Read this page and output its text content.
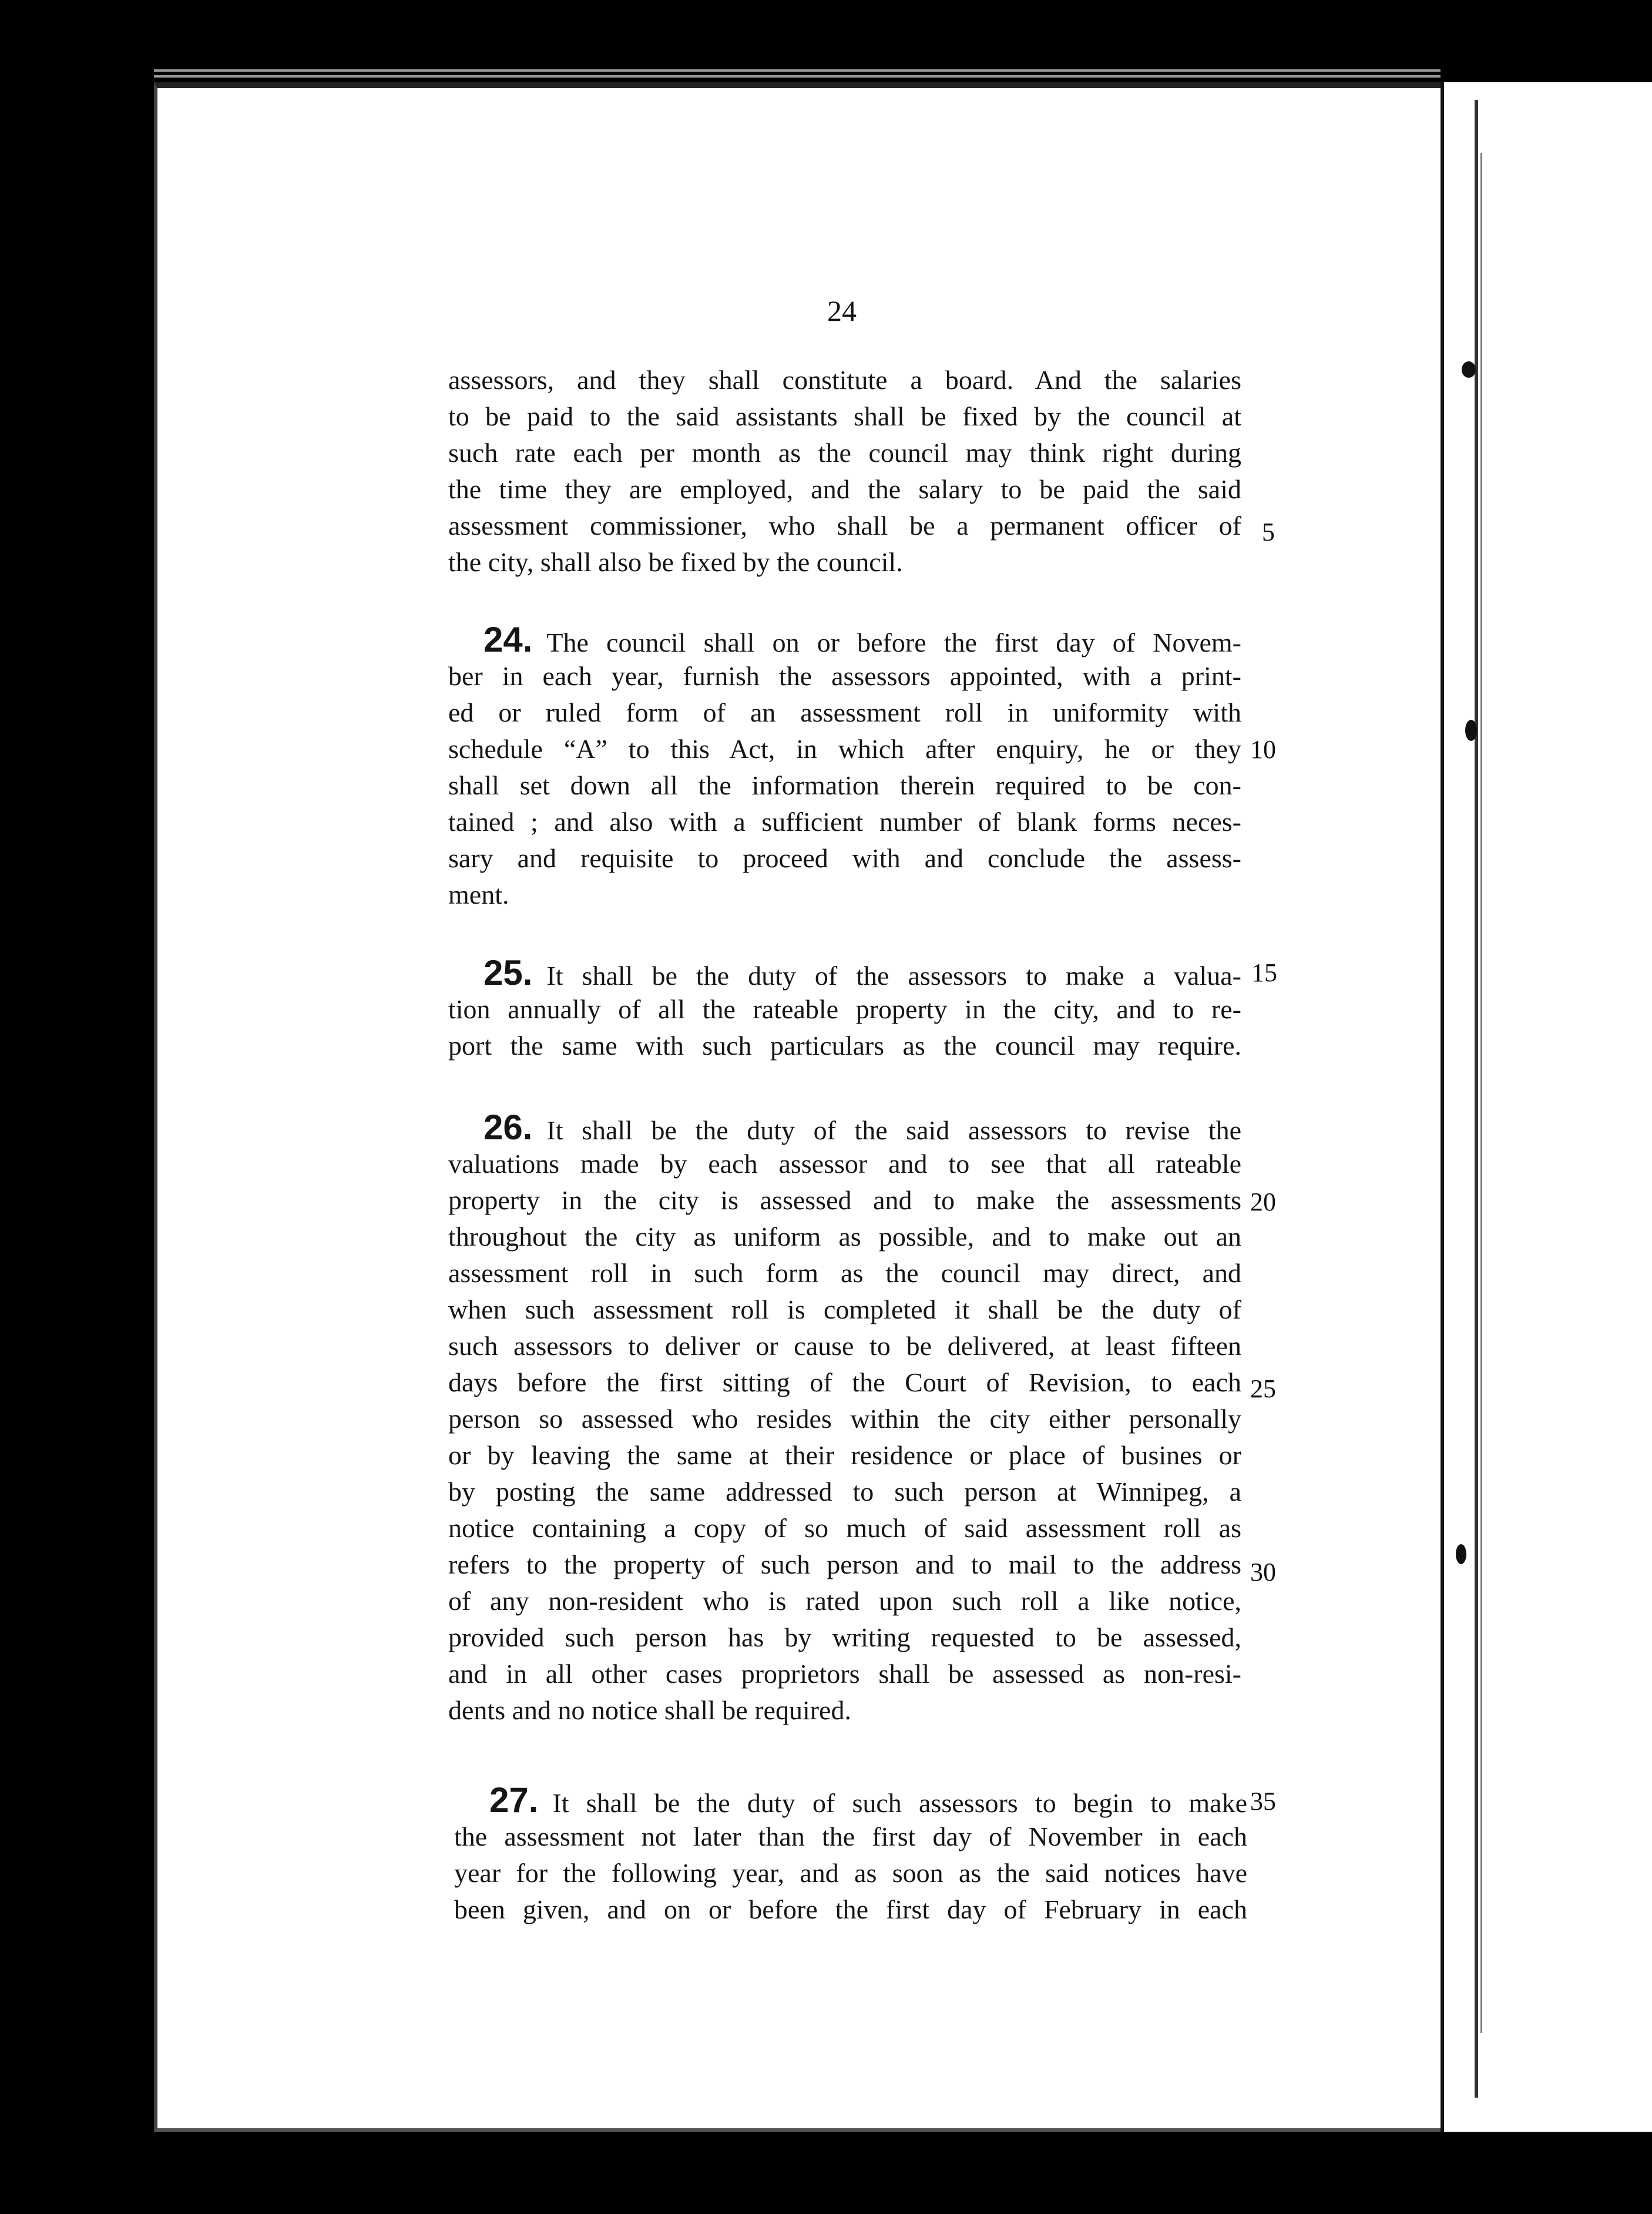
24
assessors, and they shall constitute a board. And the salaries
to be paid to the said assistants shall be fixed by the council at
such rate each per month as the council may think right during
the time they are employed, and the salary to be paid the said
assessment commissioner, who shall be a permanent officer of
the city, shall also be fixed by the council.
24. The council shall on or before the first day of Novem-
ber in each year, furnish the assessors appointed, with a print-
ed or ruled form of an assessment roll in uniformity with
schedule “A” to this Act, in which after enquiry, he or they
shall set down all the information therein required to be con-
tained ; and also with a sufficient number of blank forms neces-
sary and requisite to proceed with and conclude the assess-
ment.
25. It shall be the duty of the assessors to make a valua-
tion annually of all the rateable property in the city, and to re-
port the same with such particulars as the council may require.
26. It shall be the duty of the said assessors to revise the
valuations made by each assessor and to see that all rateable
property in the city is assessed and to make the assessments
throughout the city as uniform as possible, and to make out an
assessment roll in such form as the council may direct, and
when such assessment roll is completed it shall be the duty of
such assessors to deliver or cause to be delivered, at least fifteen
days before the first sitting of the Court of Revision, to each
person so assessed who resides within the city either personally
or by leaving the same at their residence or place of busines or
by posting the same addressed to such person at Winnipeg, a
notice containing a copy of so much of said assessment roll as
refers to the property of such person and to mail to the address
of any non-resident who is rated upon such roll a like notice,
provided such person has by writing requested to be assessed,
and in all other cases proprietors shall be assessed as non-resi-
dents and no notice shall be required.
27. It shall be the duty of such assessors to begin to make
the assessment not later than the first day of November in each
year for the following year, and as soon as the said notices have
been given, and on or before the first day of February in each
5
10
15
20
25
30
35
